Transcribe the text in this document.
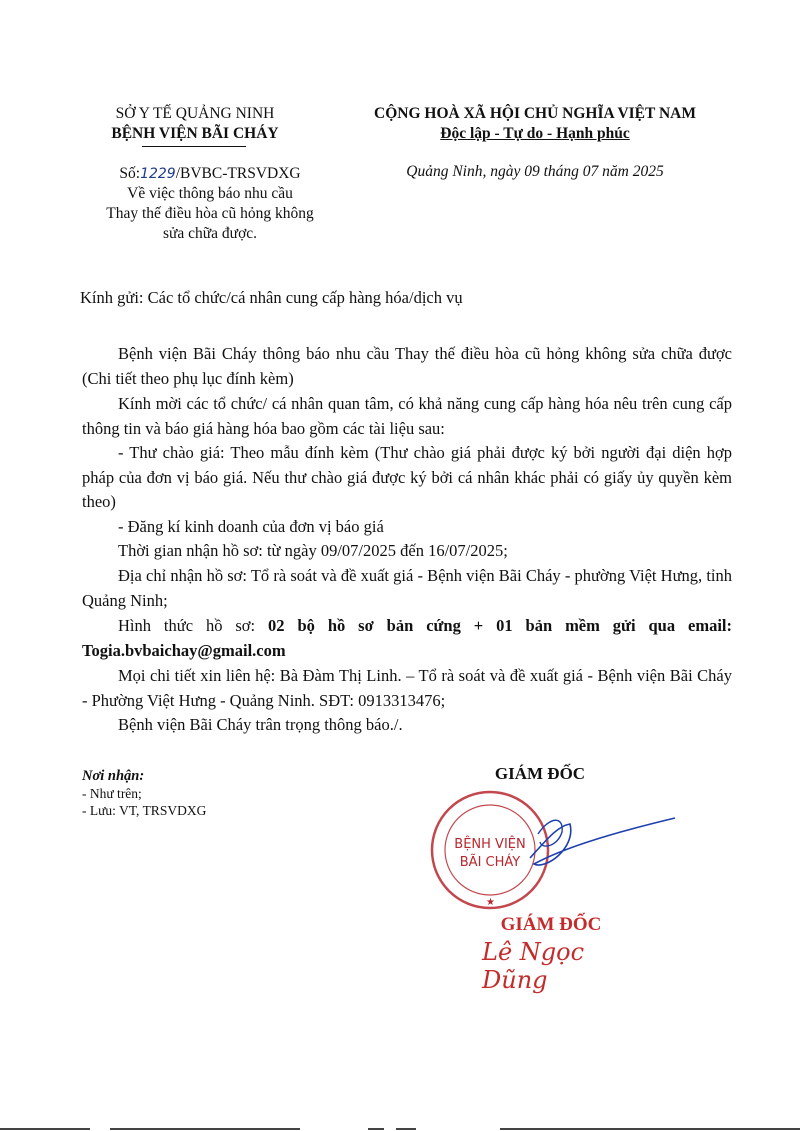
SỞ Y TẾ QUẢNG NINH
BỆNH VIỆN BÃI CHÁY
Số:1229/BVBC-TRSVDXG
Về việc thông báo nhu cầu
Thay thế điều hòa cũ hỏng không
sửa chữa được.
CỘNG HOÀ XÃ HỘI CHỦ NGHĨA VIỆT NAM
Độc lập - Tự do - Hạnh phúc
Quảng Ninh, ngày 09 tháng 07 năm 2025
Kính gửi: Các tổ chức/cá nhân cung cấp hàng hóa/dịch vụ
Bệnh viện Bãi Cháy thông báo nhu cầu Thay thế điều hòa cũ hỏng không sửa chữa được (Chi tiết theo phụ lục đính kèm)
Kính mời các tổ chức/ cá nhân quan tâm, có khả năng cung cấp hàng hóa nêu trên cung cấp thông tin và báo giá hàng hóa bao gồm các tài liệu sau:
- Thư chào giá: Theo mẫu đính kèm (Thư chào giá phải được ký bởi người đại diện hợp pháp của đơn vị báo giá. Nếu thư chào giá được ký bởi cá nhân khác phải có giấy ủy quyền kèm theo)
- Đăng kí kinh doanh của đơn vị báo giá
Thời gian nhận hồ sơ: từ ngày 09/07/2025 đến 16/07/2025;
Địa chỉ nhận hồ sơ: Tổ rà soát và đề xuất giá - Bệnh viện Bãi Cháy - phường Việt Hưng, tỉnh Quảng Ninh;
Hình thức hồ sơ: 02 bộ hồ sơ bản cứng + 01 bản mềm gửi qua email: Togia.bvbaichay@gmail.com
Mọi chi tiết xin liên hệ: Bà Đàm Thị Linh. – Tổ rà soát và đề xuất giá - Bệnh viện Bãi Cháy - Phường Việt Hưng - Quảng Ninh. SĐT: 0913313476;
Bệnh viện Bãi Cháy trân trọng thông báo./.
Nơi nhận:
- Như trên;
- Lưu: VT, TRSVDXG
GIÁM ĐỐC
★
BỆNH VIỆN
BÃI CHÁY
GIÁM ĐỐC
Lê Ngọc Dũng
